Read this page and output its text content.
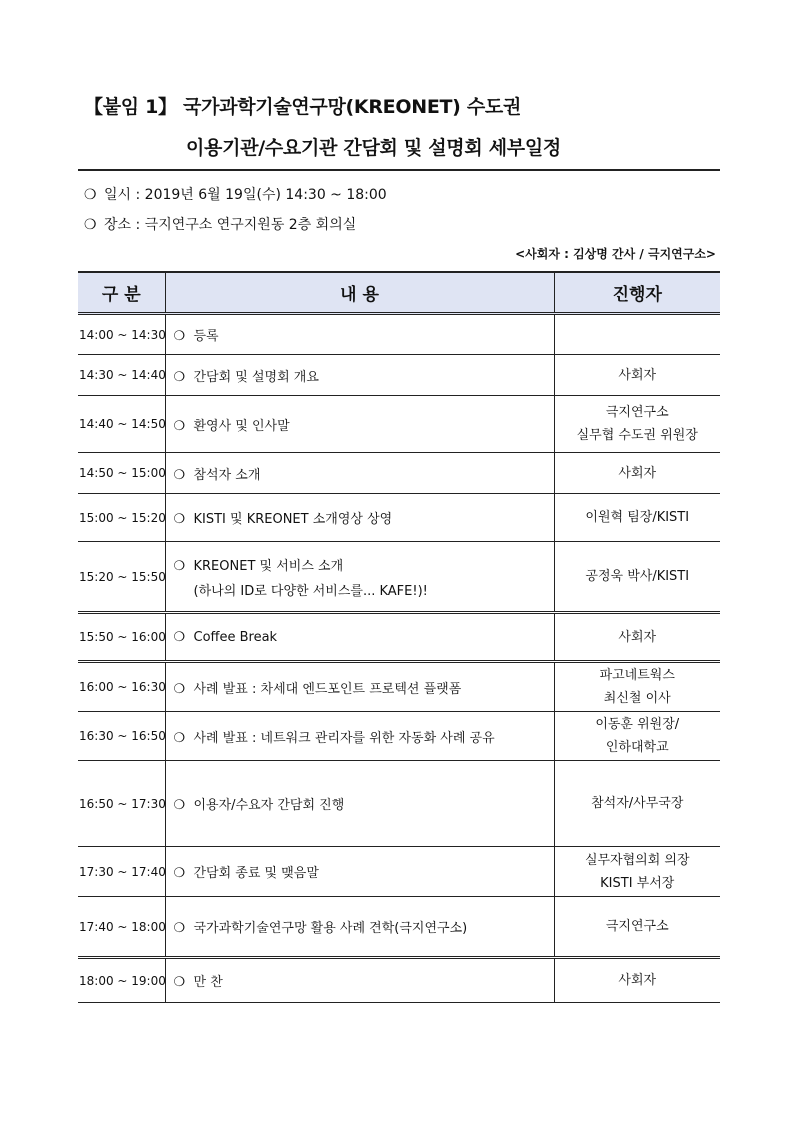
【붙임 1】 국가과학기술연구망(KREONET) 수도권
이용기관/수요기관 간담회 및 설명회 세부일정
❍ 일시 : 2019년 6월 19일(수) 14:30 ~ 18:00
❍ 장소 : 극지연구소 연구지원동 2층 회의실
<사회자 : 김상명 간사 / 극지연구소>
구 분	내 용	진행자
14:00 ~ 14:30	❍ 등록	
14:30 ~ 14:40	❍ 간담회 및 설명회 개요	사회자

14:40 ~ 14:50	❍ 환영사 및 인사말	극지연구소
실무협 수도권 위원장

14:50 ~ 15:00	❍ 참석자 소개	사회자

15:00 ~ 15:20	❍ KISTI 및 KREONET 소개영상 상영	이원혁 팀장/KISTI

15:20 ~ 15:50	❍ KREONET 및 서비스 소개
(하나의 ID로 다양한 서비스를... KAFE!)!	공정욱 박사/KISTI

15:50 ~ 16:00	❍ Coffee Break	사회자

16:00 ~ 16:30	❍ 사례 발표 : 차세대 엔드포인트 프로텍션 플랫폼	파고네트웍스
최신철 이사

16:30 ~ 16:50	❍ 사례 발표 : 네트워크 관리자를 위한 자동화 사례 공유	이동훈 위원장/
인하대학교

16:50 ~ 17:30	❍ 이용자/수요자 간담회 진행	참석자/사무국장

17:30 ~ 17:40	❍ 간담회 종료 및 맺음말	실무자협의회 의장
KISTI 부서장

17:40 ~ 18:00	❍ 국가과학기술연구망 활용 사례 견학(극지연구소)	극지연구소

18:00 ~ 19:00	❍ 만 찬	사회자
